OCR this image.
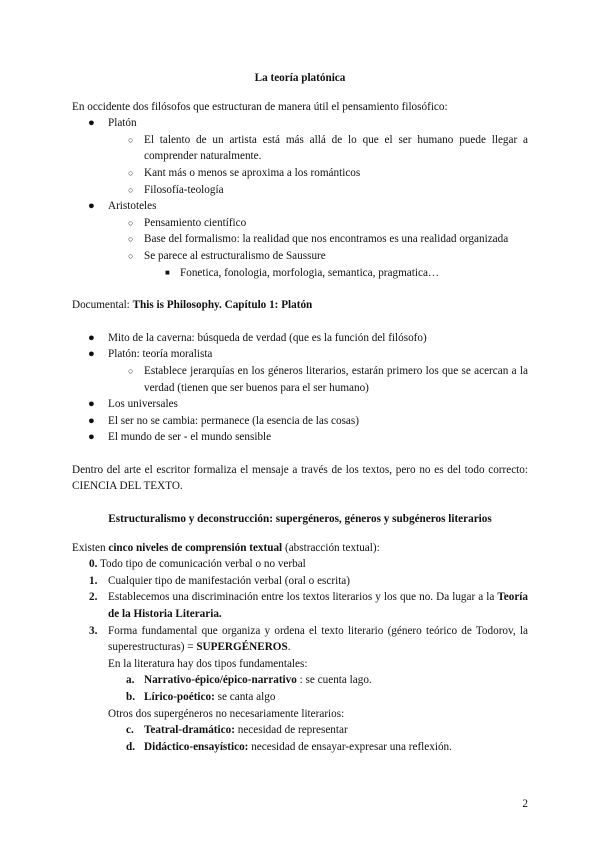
La teoría platónica

En occidente dos filósofos que estructuran de manera útil el pensamiento filosófico:

● Platón
○ El talento de un artista está más allá de lo que el ser humano puede llegar a comprender naturalmente.
○ Kant más o menos se aproxima a los románticos
○ Filosofía-teología
● Aristoteles
○ Pensamiento científico
○ Base del formalismo: la realidad que nos encontramos es una realidad organizada
○ Se parece al estructuralismo de Saussure
■ Fonetica, fonologia, morfologia, semantica, pragmatica…

Documental: This is Philosophy. Capítulo 1: Platón

● Mito de la caverna: búsqueda de verdad (que es la función del filósofo)
● Platón: teoría moralista
○ Establece jerarquías en los géneros literarios, estarán primero los que se acercan a la verdad (tienen que ser buenos para el ser humano)
● Los universales
● El ser no se cambia: permanece (la esencia de las cosas)
● El mundo de ser - el mundo sensible

Dentro del arte el escritor formaliza el mensaje a través de los textos, pero no es del todo correcto: CIENCIA DEL TEXTO.

Estructuralismo y deconstrucción: supergéneros, géneros y subgéneros literarios

Existen cinco niveles de comprensión textual (abstracción textual):

0. Todo tipo de comunicación verbal o no verbal
1. Cualquier tipo de manifestación verbal (oral o escrita)
2. Establecemos una discriminación entre los textos literarios y los que no. Da lugar a la Teoría de la Historia Literaria.
3. Forma fundamental que organiza y ordena el texto literario (género teórico de Todorov, la superestructuras) = SUPERGÉNEROS.
En la literatura hay dos tipos fundamentales:
a. Narrativo-épico/épico-narrativo : se cuenta lago.
b. Lírico-poético: se canta algo
Otros dos supergéneros no necesariamente literarios:
c. Teatral-dramático: necesidad de representar
d. Didáctico-ensayístico: necesidad de ensayar-expresar una reflexión.
2
